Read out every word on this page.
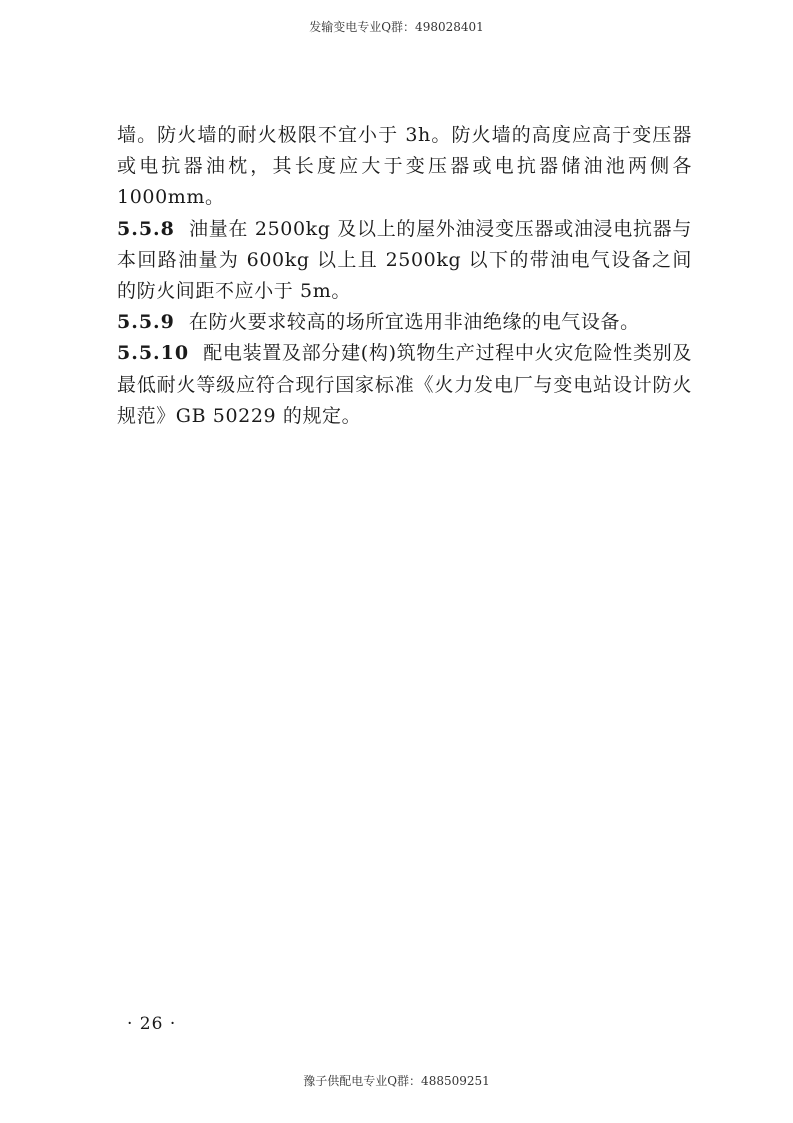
发输变电专业Q群：498028401

墙。防火墙的耐火极限不宜小于 3h。防火墙的高度应高于变压器或电抗器油枕，其长度应大于变压器或电抗器储油池两侧各 1000mm。

5.5.8 油量在 2500kg 及以上的屋外油浸变压器或油浸电抗器与本回路油量为 600kg 以上且 2500kg 以下的带油电气设备之间的防火间距不应小于 5m。

5.5.9 在防火要求较高的场所宜选用非油绝缘的电气设备。

5.5.10 配电装置及部分建(构)筑物生产过程中火灾危险性类别及最低耐火等级应符合现行国家标准《火力发电厂与变电站设计防火规范》GB 50229 的规定。

· 26 ·
豫子供配电专业Q群：488509251
